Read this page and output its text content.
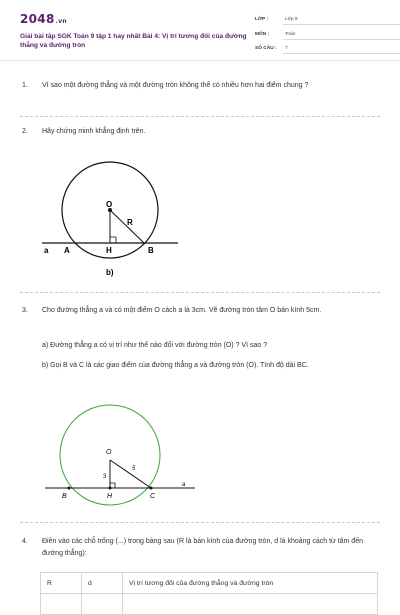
2048.vn
Giải bài tập SGK Toán 9 tập 1 hay nhất Bài 4: Vị trí tương đối của đường thẳng và đường tròn
LỚP :	Lớp 9
MÔN :	Toán
SỐ CÂU : 7
1.	Vì sao một đường thẳng và một đường tròn không thể có nhiều hơn hai điểm chung ?
2.	Hãy chứng minh khẳng định trên.
O
R
a A	H	B
b)
3.	Cho đường thẳng a và có một điểm O cách a là 3cm. Vẽ đường tròn tâm O bán kính 5cm.
a) Đường thẳng a có vị trí như thế nào đối với đường tròn (O) ? Vì sao ?
b) Gọi B và C là các giao điểm của đường thẳng a và đường tròn (O). Tính độ dài BC.
O
5
3
a
B	H	C
4.	Điền vào các chỗ trống (...) trong bảng sau (R là bán kính của đường tròn, d là khoảng cách từ tâm đến đường thẳng):
R	d	Vị trí tương đối của đường thẳng và đường tròn
